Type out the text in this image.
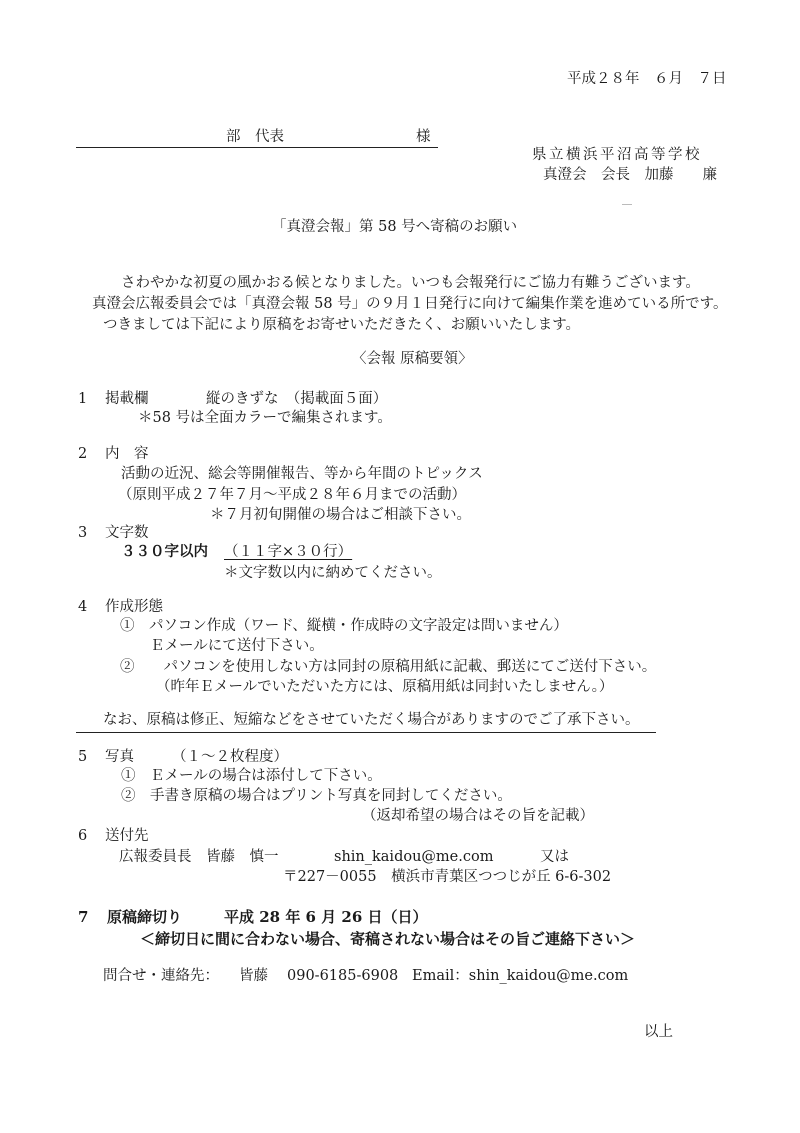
平成２８年　６月　７日
部　代表	様
県立横浜平沼高等学校
真澄会　会長　加藤　　廉
「真澄会報」第 58 号へ寄稿のお願い
さわやかな初夏の風かおる候となりました。いつも会報発行にご協力有難うございます。
真澄会広報委員会では「真澄会報 58 号」の９月１日発行に向けて編集作業を進めている所です。
つきましては下記により原稿をお寄せいただきたく、お願いいたします。
〈会報 原稿要領〉
1 掲載欄	縦のきずな　（掲載面５面）
＊58 号は全面カラーで編集されます。
2 内　容
活動の近況、総会等開催報告、等から年間のトピックス
（原則平成２７年７月～平成２８年６月までの活動）
＊７月初旬開催の場合はご相談下さい。
3 文字数
３３０字以内 （１１字×３０行）
＊文字数以内に納めてください。
4 作成形態
①　パソコン作成（ワード、縦横・作成時の文字設定は問いません）
Ｅメールにて送付下さい。
②　　パソコンを使用しない方は同封の原稿用紙に記載、郵送にてご送付下さい。
（昨年Ｅメールでいただいた方には、原稿用紙は同封いたしません。）
なお、原稿は修正、短縮などをさせていただく場合がありますのでご了承下さい。
5 写真	（１～２枚程度）
①　Ｅメールの場合は添付して下さい。
②　手書き原稿の場合はプリント写真を同封してください。
（返却希望の場合はその旨を記載）
6 送付先
広報委員長　皆藤　慎一	shin_kaidou@me.com	又は
〒227－0055　横浜市青葉区つつじが丘 6-6-302
7 原稿締切り	平成 28 年 6 月 26 日（日）
＜締切日に間に合わない場合、寄稿されない場合はその旨ご連絡下さい＞
問合せ・連絡先： 皆藤 090-6185-6908 Email：shin_kaidou@me.com
以上
